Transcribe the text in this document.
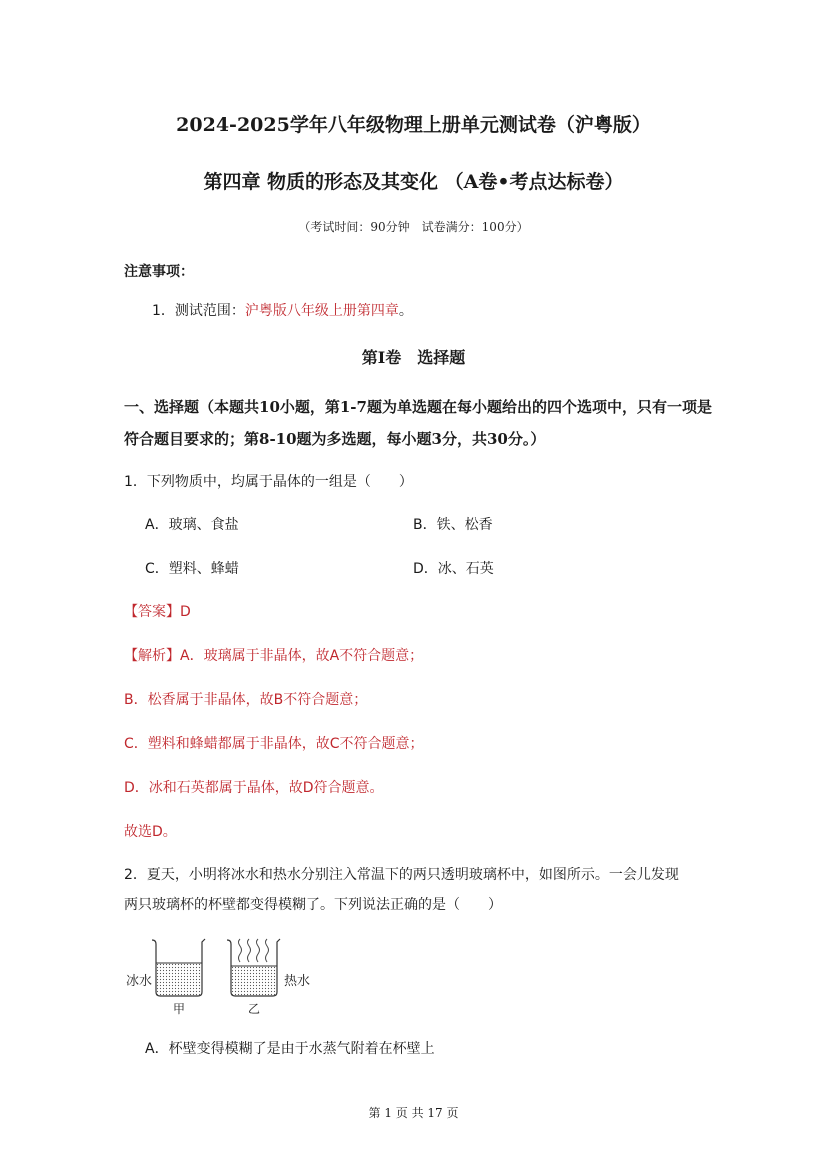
2024-2025学年八年级物理上册单元测试卷（沪粤版）
第四章 物质的形态及其变化 （A卷•考点达标卷）
（考试时间：90分钟　试卷满分：100分）
注意事项：
1．测试范围：沪粤版八年级上册第四章。
第Ⅰ卷　选择题
一、选择题（本题共10小题，第1-7题为单选题在每小题给出的四个选项中，只有一项是
符合题目要求的；第8-10题为多选题，每小题3分，共30分。）
1．下列物质中，均属于晶体的一组是（　　）
A．玻璃、食盐	B．铁、松香
C．塑料、蜂蜡	D．冰、石英
【答案】D
【解析】A．玻璃属于非晶体，故A不符合题意；
B．松香属于非晶体，故B不符合题意；
C．塑料和蜂蜡都属于非晶体，故C不符合题意；
D．冰和石英都属于晶体，故D符合题意。
故选D。
2．夏天，小明将冰水和热水分别注入常温下的两只透明玻璃杯中，如图所示。一会儿发现
两只玻璃杯的杯壁都变得模糊了。下列说法正确的是（　　）
冰水
甲
热水
乙
A．杯壁变得模糊了是由于水蒸气附着在杯壁上
第 1 页 共 17 页
